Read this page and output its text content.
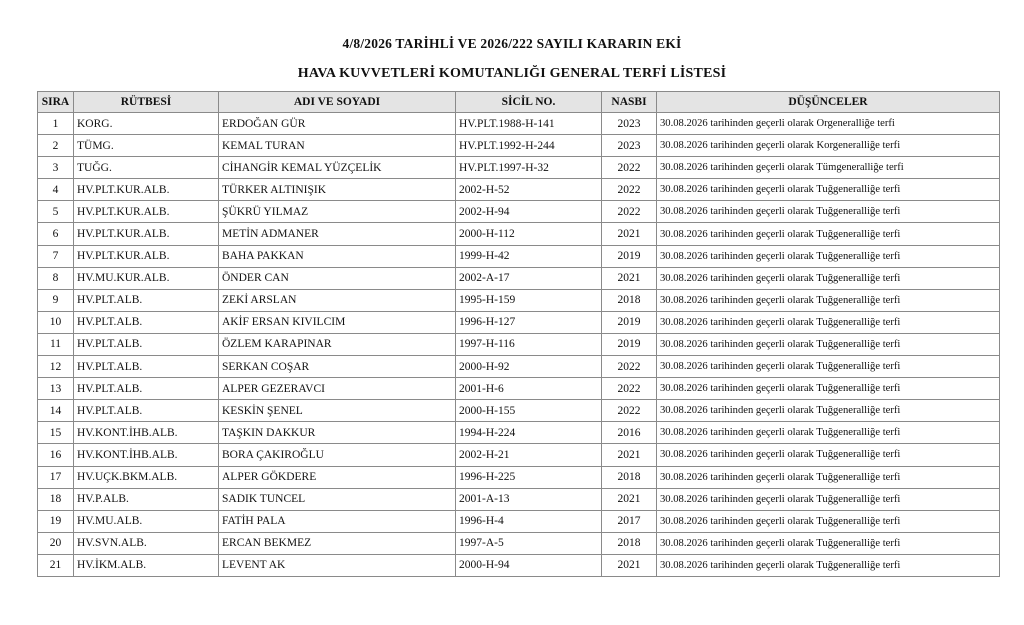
4/8/2026 TARİHLİ VE 2026/222 SAYILI KARARIN EKİ
HAVA KUVVETLERİ KOMUTANLIĞI GENERAL TERFİ LİSTESİ
SIRA	RÜTBESİ	ADI VE SOYADI	SİCİL NO.	NASBI	DÜŞÜNCELER
1	KORG.	ERDOĞAN GÜR	HV.PLT.1988-H-141	2023	30.08.2026 tarihinden geçerli olarak Orgeneralliğe terfi
2	TÜMG.	KEMAL TURAN	HV.PLT.1992-H-244	2023	30.08.2026 tarihinden geçerli olarak Korgeneralliğe terfi
3	TUĞG.	CİHANGİR KEMAL YÜZÇELİK	HV.PLT.1997-H-32	2022	30.08.2026 tarihinden geçerli olarak Tümgeneralliğe terfi
4	HV.PLT.KUR.ALB.	TÜRKER ALTINIŞIK	2002-H-52	2022	30.08.2026 tarihinden geçerli olarak Tuğgeneralliğe terfi
5	HV.PLT.KUR.ALB.	ŞÜKRÜ YILMAZ	2002-H-94	2022	30.08.2026 tarihinden geçerli olarak Tuğgeneralliğe terfi
6	HV.PLT.KUR.ALB.	METİN ADMANER	2000-H-112	2021	30.08.2026 tarihinden geçerli olarak Tuğgeneralliğe terfi
7	HV.PLT.KUR.ALB.	BAHA PAKKAN	1999-H-42	2019	30.08.2026 tarihinden geçerli olarak Tuğgeneralliğe terfi
8	HV.MU.KUR.ALB.	ÖNDER CAN	2002-A-17	2021	30.08.2026 tarihinden geçerli olarak Tuğgeneralliğe terfi
9	HV.PLT.ALB.	ZEKİ ARSLAN	1995-H-159	2018	30.08.2026 tarihinden geçerli olarak Tuğgeneralliğe terfi
10	HV.PLT.ALB.	AKİF ERSAN KIVILCIM	1996-H-127	2019	30.08.2026 tarihinden geçerli olarak Tuğgeneralliğe terfi
11	HV.PLT.ALB.	ÖZLEM KARAPINAR	1997-H-116	2019	30.08.2026 tarihinden geçerli olarak Tuğgeneralliğe terfi
12	HV.PLT.ALB.	SERKAN COŞAR	2000-H-92	2022	30.08.2026 tarihinden geçerli olarak Tuğgeneralliğe terfi
13	HV.PLT.ALB.	ALPER GEZERAVCI	2001-H-6	2022	30.08.2026 tarihinden geçerli olarak Tuğgeneralliğe terfi
14	HV.PLT.ALB.	KESKİN ŞENEL	2000-H-155	2022	30.08.2026 tarihinden geçerli olarak Tuğgeneralliğe terfi
15	HV.KONT.İHB.ALB.	TAŞKIN DAKKUR	1994-H-224	2016	30.08.2026 tarihinden geçerli olarak Tuğgeneralliğe terfi
16	HV.KONT.İHB.ALB.	BORA ÇAKIROĞLU	2002-H-21	2021	30.08.2026 tarihinden geçerli olarak Tuğgeneralliğe terfi
17	HV.UÇK.BKM.ALB.	ALPER GÖKDERE	1996-H-225	2018	30.08.2026 tarihinden geçerli olarak Tuğgeneralliğe terfi
18	HV.P.ALB.	SADIK TUNCEL	2001-A-13	2021	30.08.2026 tarihinden geçerli olarak Tuğgeneralliğe terfi
19	HV.MU.ALB.	FATİH PALA	1996-H-4	2017	30.08.2026 tarihinden geçerli olarak Tuğgeneralliğe terfi
20	HV.SVN.ALB.	ERCAN BEKMEZ	1997-A-5	2018	30.08.2026 tarihinden geçerli olarak Tuğgeneralliğe terfi
21	HV.İKM.ALB.	LEVENT AK	2000-H-94	2021	30.08.2026 tarihinden geçerli olarak Tuğgeneralliğe terfi
